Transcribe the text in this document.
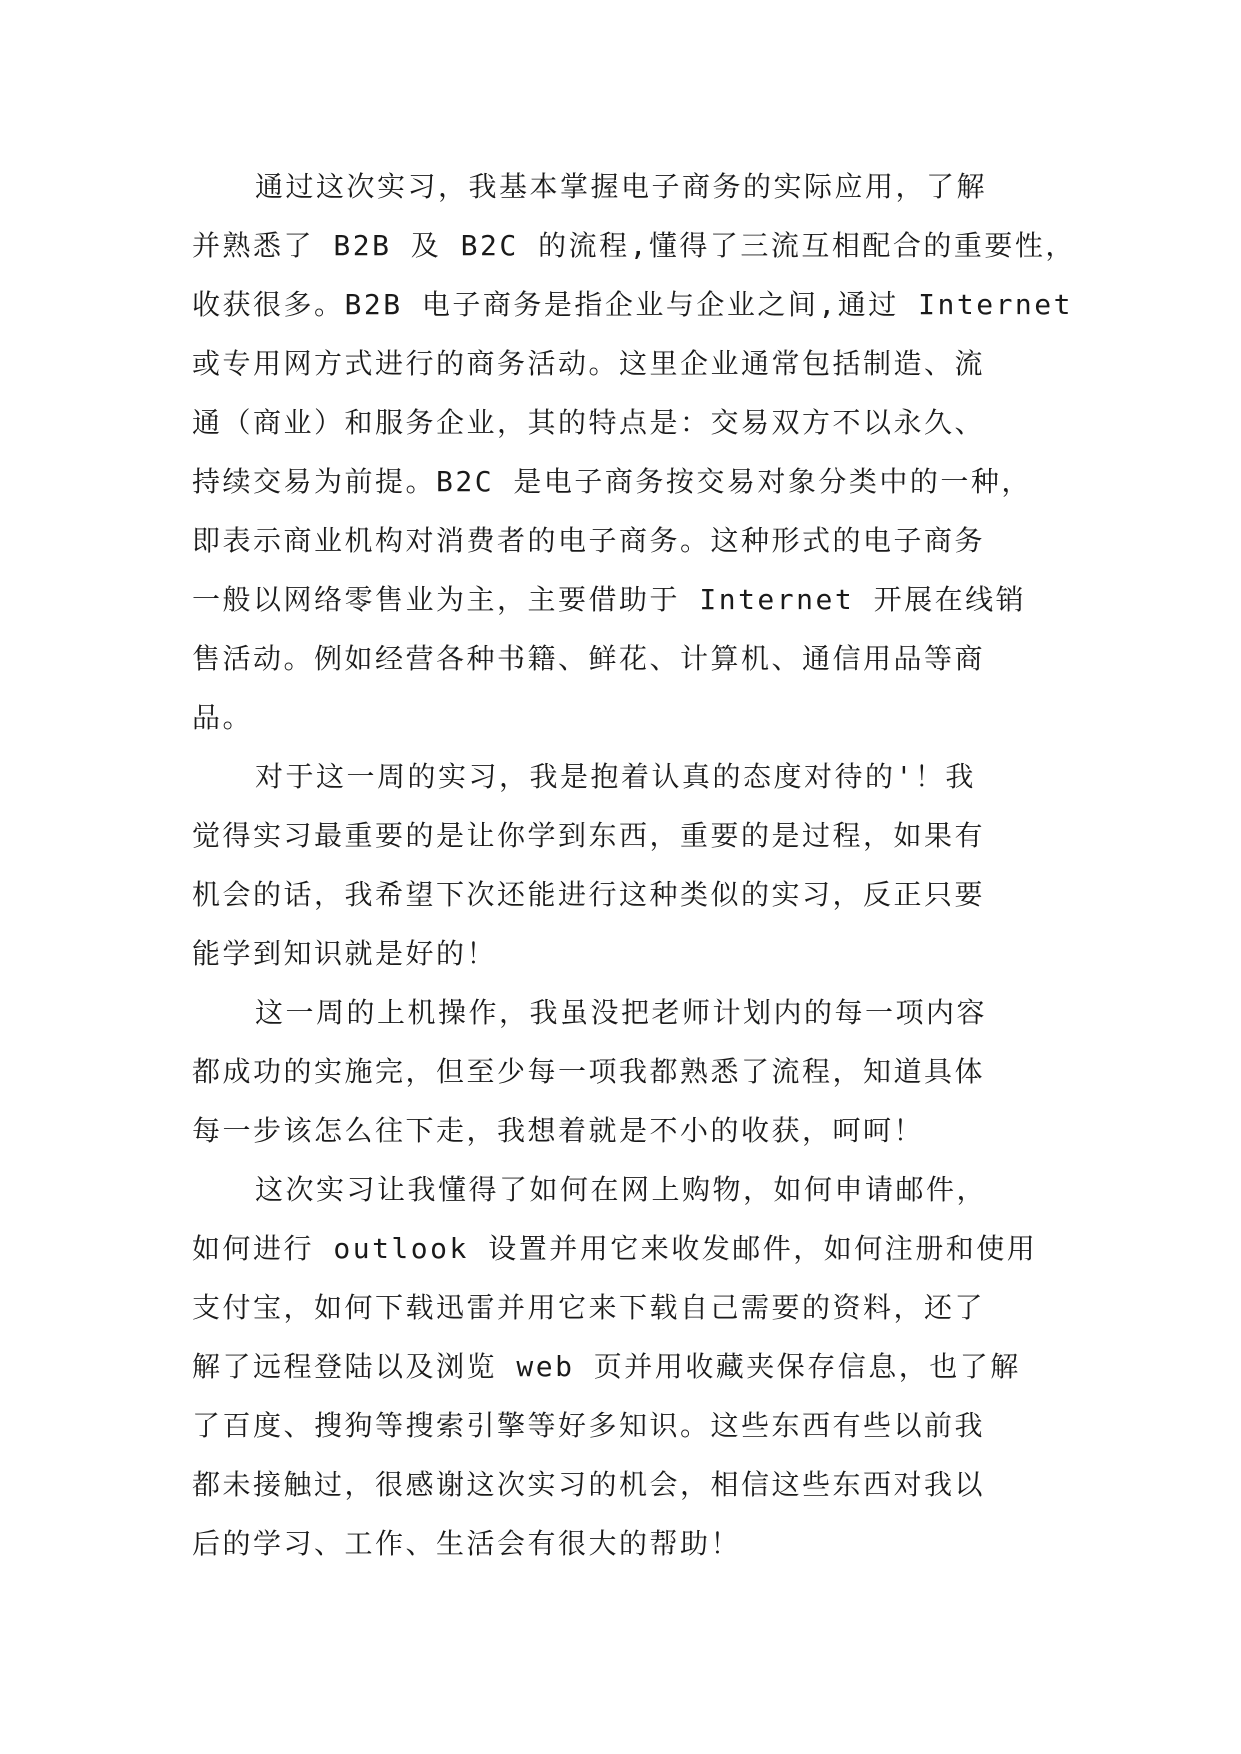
通过这次实习，我基本掌握电子商务的实际应用，了解
并熟悉了 B2B 及 B2C 的流程,懂得了三流互相配合的重要性，
收获很多。B2B 电子商务是指企业与企业之间,通过 Internet
或专用网方式进行的商务活动。这里企业通常包括制造、流
通（商业）和服务企业，其的特点是：交易双方不以永久、
持续交易为前提。B2C 是电子商务按交易对象分类中的一种，
即表示商业机构对消费者的电子商务。这种形式的电子商务
一般以网络零售业为主，主要借助于 Internet 开展在线销
售活动。例如经营各种书籍、鲜花、计算机、通信用品等商
品。
对于这一周的实习，我是抱着认真的态度对待的'！我
觉得实习最重要的是让你学到东西，重要的是过程，如果有
机会的话，我希望下次还能进行这种类似的实习，反正只要
能学到知识就是好的！
这一周的上机操作，我虽没把老师计划内的每一项内容
都成功的实施完，但至少每一项我都熟悉了流程，知道具体
每一步该怎么往下走，我想着就是不小的收获，呵呵！
这次实习让我懂得了如何在网上购物，如何申请邮件，
如何进行 outlook 设置并用它来收发邮件，如何注册和使用
支付宝，如何下载迅雷并用它来下载自己需要的资料，还了
解了远程登陆以及浏览 web 页并用收藏夹保存信息，也了解
了百度、搜狗等搜索引擎等好多知识。这些东西有些以前我
都未接触过，很感谢这次实习的机会，相信这些东西对我以
后的学习、工作、生活会有很大的帮助！
